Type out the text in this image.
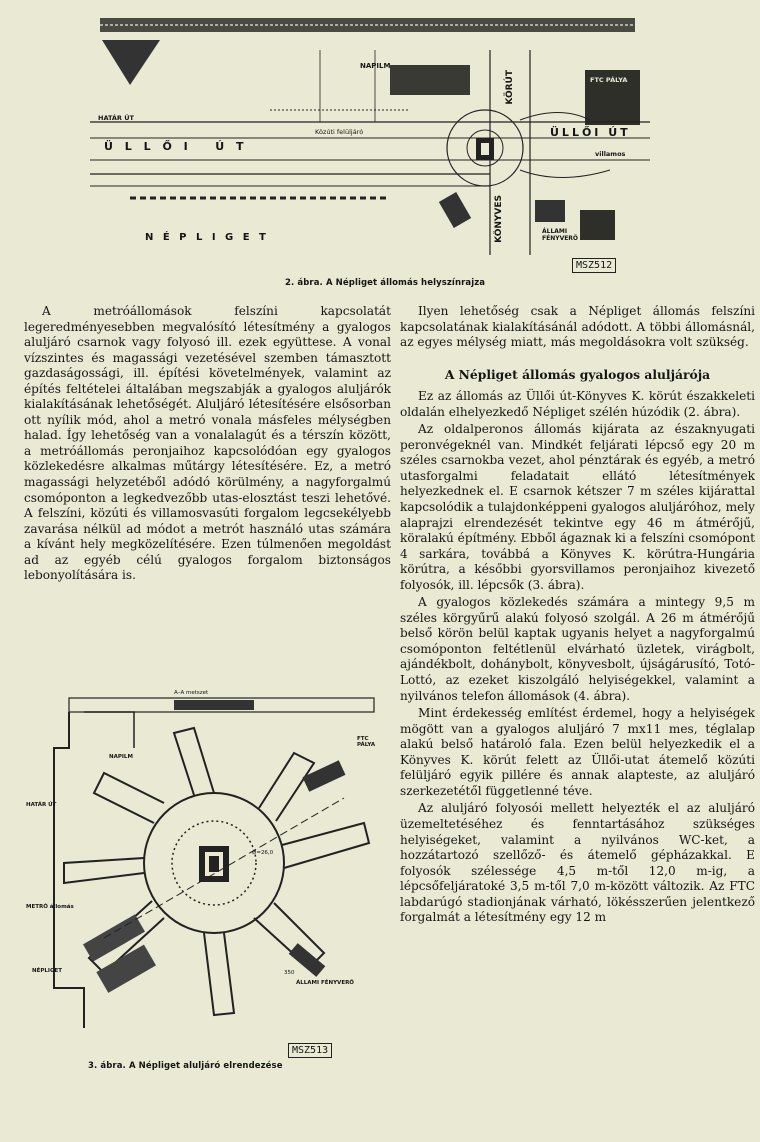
NAPILM
KÖRÚT	FTC PÁLYA
HATÁR ÚT
Ü L L Ő I   Ú T
Közúti felüljáró	ÜLLŐI ÚT
villamos
N É P L I G E T	KÖNYVES	ÁLLAMI FÉNYVERŐ
MSZ512
2. ábra. A Népliget állomás helyszínrajza

A metróállomások felszíni kapcsolatát legeredményesebben megvalósító létesítmény a gyalogos aluljáró csarnok vagy folyosó ill. ezek együttese. A vonal vízszintes és magassági vezetésével szemben támasztott gazdaságossági, ill. építési követelmények, valamint az építés feltételei általában megszabják a gyalogos aluljárók kialakításának lehetőségét. Aluljáró létesítésére elsősorban ott nyílik mód, ahol a metró vonala másfeles mélységben halad. Így lehetőség van a vonalalagút és a térszín között, a metróállomás peronjaihoz kapcsolódóan egy gyalogos közlekedésre alkalmas műtárgy létesítésére. Ez, a metró magassági helyzetéből adódó körülmény, a nagyforgalmú csomóponton a legkedvezőbb utas-elosztást teszi lehetővé. A felszíni, közúti és villamosvasúti forgalom legcsekélyebb zavarása nélkül ad módot a metrót használó utas számára a kívánt hely megközelítésére. Ezen túlmenően megoldást ad az egyéb célú gyalogos forgalom biztonságos lebonyolítására is.

A–A metszet
NAPILM
FTC PÁLYA
HATÁR ÚT
METRÓ állomás
NÉPLIGET
ÁLLAMI FÉNYVERŐ
Ø=26,0
350
MSZ513
3. ábra. A Népliget aluljáró elrendezése

Ilyen lehetőség csak a Népliget állomás felszíni kapcsolatának kialakításánál adódott. A többi állomásnál, az egyes mélység miatt, más megoldásokra volt szükség.

A Népliget állomás gyalogos aluljárója

Ez az állomás az Üllői út-Könyves K. körút északkeleti oldalán elhelyezkedő Népliget szélén húzódik (2. ábra).

Az oldalperonos állomás kijárata az északnyugati peronvégeknél van. Mindkét feljárati lépcső egy 20 m széles csarnokba vezet, ahol pénztárak és egyéb, a metró utasforgalmi feladatait ellátó létesítmények helyezkednek el. E csarnok kétszer 7 m széles kijárattal kapcsolódik a tulajdonképpeni gyalogos aluljáróhoz, mely alaprajzi elrendezését tekintve egy 46 m átmérőjű, köralakú építmény. Ebből ágaznak ki a felszíni csomópont 4 sarkára, továbbá a Könyves K. körútra-Hungária körútra, a későbbi gyorsvillamos peronjaihoz kivezető folyosók, ill. lépcsők (3. ábra).

A gyalogos közlekedés számára a mintegy 9,5 m széles körgyűrű alakú folyosó szolgál. A 26 m átmérőjű belső körön belül kaptak ugyanis helyet a nagyforgalmú csomóponton feltétlenül elvárható üzletek, virágbolt, ajándékbolt, dohánybolt, könyvesbolt, újságárusító, Totó-Lottó, az ezeket kiszolgáló helyiségekkel, valamint a nyilvános telefon állomások (4. ábra).

Mint érdekesség említést érdemel, hogy a helyiségek mögött van a gyalogos aluljáró 7 mx11 mes, téglalap alakú belső határoló fala. Ezen belül helyezkedik el a Könyves K. körút felett az Üllői-utat átemelő közúti felüljáró egyik pillére és annak alapteste, az aluljáró szerkezetétől függetlenné téve.

Az aluljáró folyosói mellett helyezték el az aluljáró üzemeltetéséhez és fenntartásához szükséges helyiségeket, valamint a nyilvános WC-ket, a hozzátartozó szellőző- és átemelő gépházakkal. E folyosók szélessége 4,5 m-től 12,0 m-ig, a lépcsőfeljáratoké 3,5 m-től 7,0 m-között változik. Az FTC labdarúgó stadionjának várható, lökésszerűen jelentkező forgalmát a létesítmény egy 12 m
